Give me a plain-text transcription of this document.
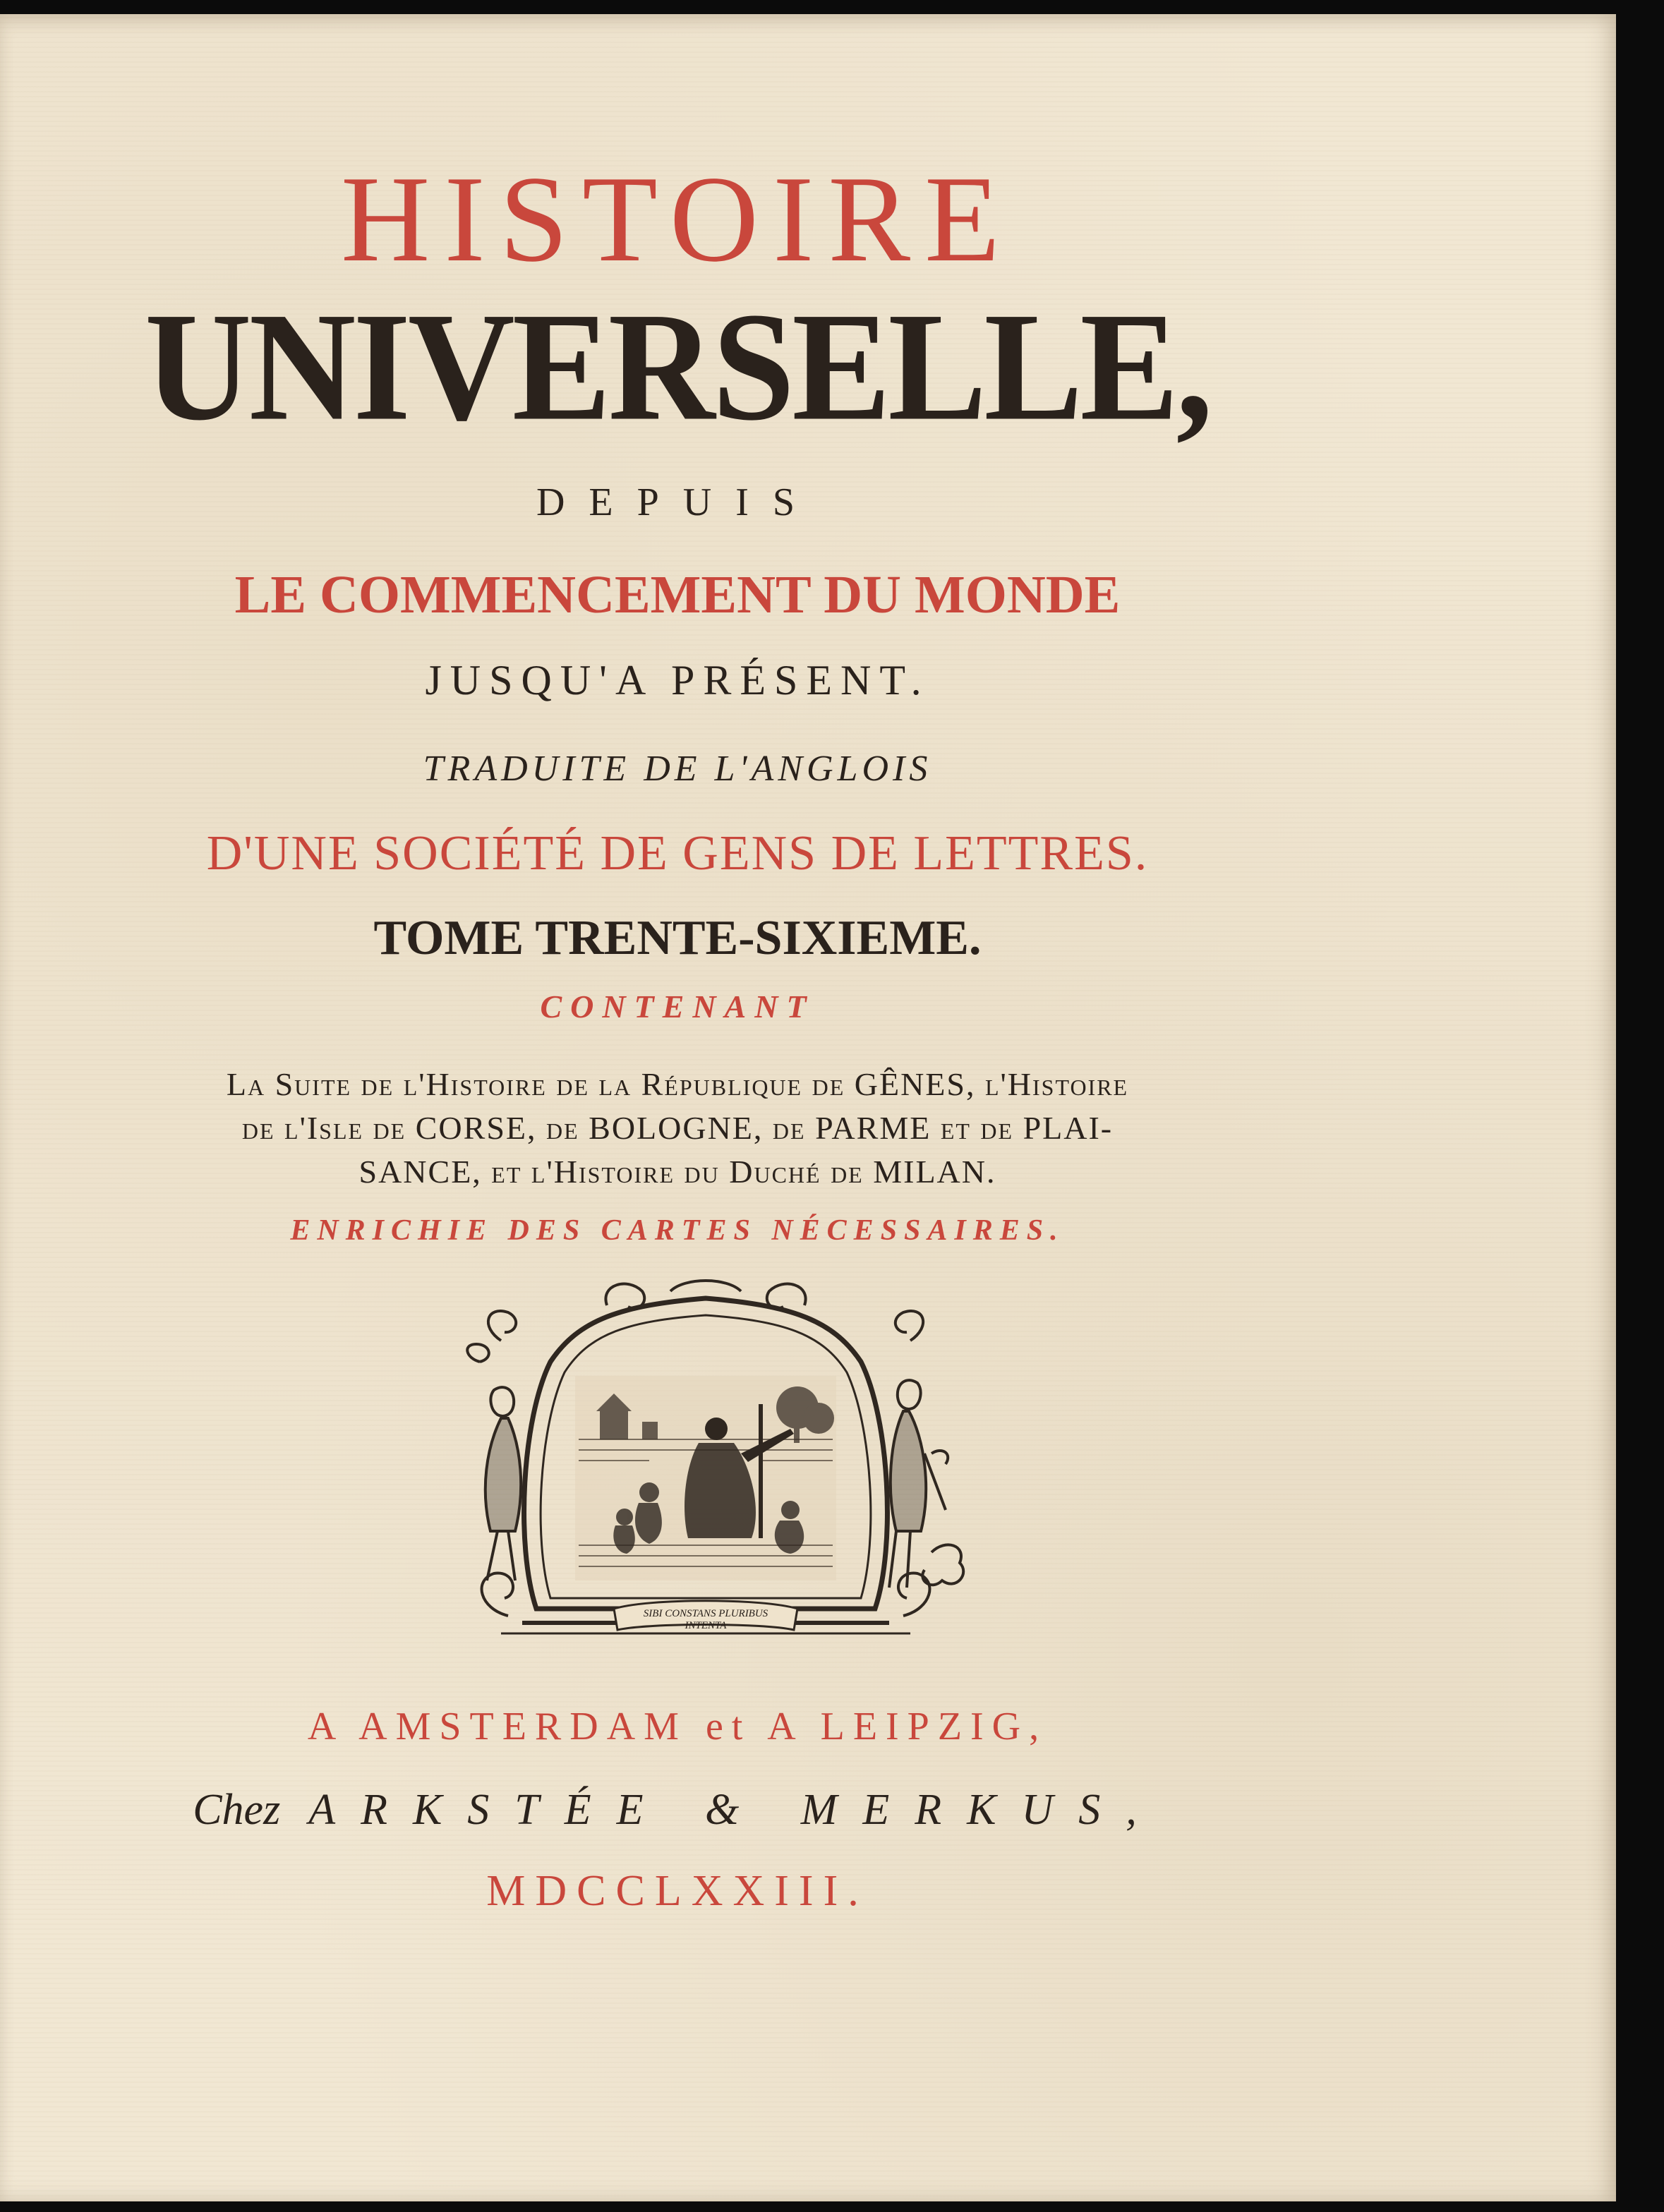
HISTOIRE
UNIVERSELLE,
DEPUIS
LE COMMENCEMENT DU MONDE
JUSQU'A PRÉSENT.
TRADUITE DE L'ANGLOIS
D'UNE SOCIÉTÉ DE GENS DE LETTRES.
TOME TRENTE-SIXIEME.
CONTENANT
La Suite de l'Histoire de la République de GÊNES, l'Histoire
de l'Isle de CORSE, de BOLOGNE, de PARME et de PLAI-
SANCE, et l'Histoire du Duché de MILAN.
ENRICHIE DES CARTES NÉCESSAIRES.
SIBI CONSTANS PLURIBUS
INTENTA
A AMSTERDAM et A LEIPZIG,
Chez ARKSTÉE & MERKUS,
MDCCLXXIII.
